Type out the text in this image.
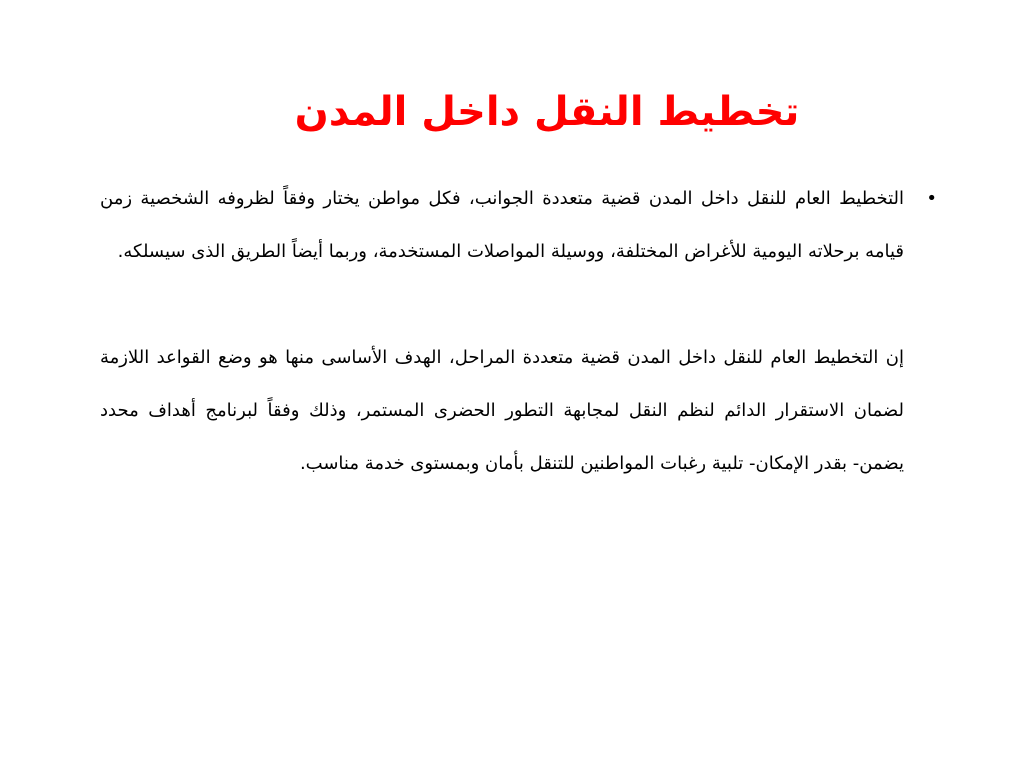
تخطيط النقل داخل المدن
•
التخطيط العام للنقل داخل المدن قضية متعددة الجوانب، فكل مواطن يختار وفقاً لظروفه الشخصية زمن قيامه برحلاته اليومية للأغراض المختلفة، ووسيلة المواصلات المستخدمة، وربما أيضاً الطريق الذى سيسلكه.
إن التخطيط العام للنقل داخل المدن قضية متعددة المراحل، الهدف الأساسى منها هو وضع القواعد اللازمة لضمان الاستقرار الدائم لنظم النقل لمجابهة التطور الحضرى المستمر، وذلك وفقاً لبرنامج أهداف محدد يضمن- بقدر الإمكان- تلبية رغبات المواطنين للتنقل بأمان وبمستوى خدمة مناسب.
